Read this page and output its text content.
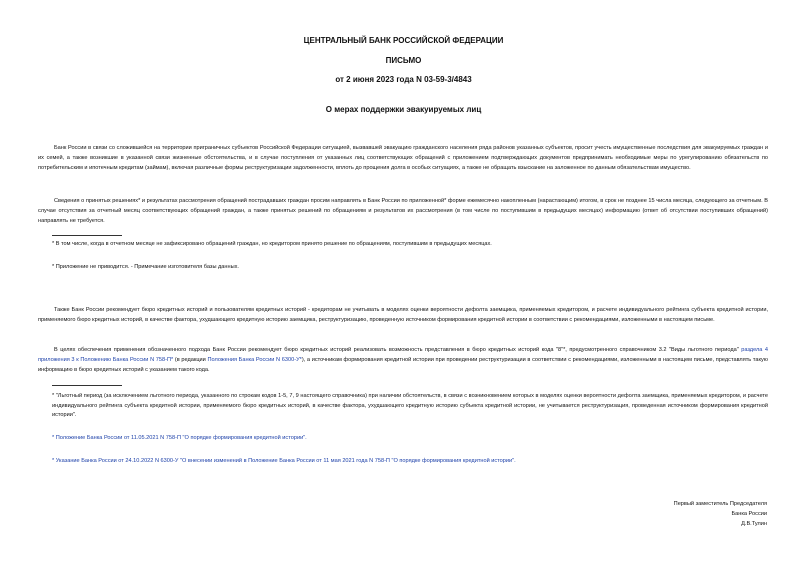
ЦЕНТРАЛЬНЫЙ БАНК РОССИЙСКОЙ ФЕДЕРАЦИИ
ПИСЬМО
от 2 июня 2023 года N 03-59-3/4843
О мерах поддержки эвакуируемых лиц

Банк России в связи со сложившейся на территории приграничных субъектов Российской Федерации ситуацией, вызвавшей эвакуацию гражданского населения ряда районов указанных субъектов, просит учесть имущественные последствия для эвакуируемых граждан и их семей, а также возникшие в указанной связи жизненные обстоятельства, и в случае поступления от указанных лиц соответствующих обращений с приложением подтверждающих документов предпринимать необходимые меры по урегулированию обязательств по потребительским и ипотечным кредитам (займам), включая различные формы реструктуризации задолженности, вплоть до прощения долга в особых ситуациях, а также не обращать взыскание на заложенное по данным обязательствам имущество.

Сведения о принятых решениях* и результатах рассмотрения обращений пострадавших граждан просим направлять в Банк России по приложенной* форме ежемесячно накопленным (нарастающим) итогом, в срок не позднее 15 числа месяца, следующего за отчетным. В случае отсутствия за отчетный месяц соответствующих обращений граждан, а также принятых решений по обращениям и результатов их рассмотрения (в том числе по поступившим в предыдущих месяцах) информацию (ответ об отсутствии поступивших обращений) направлять не требуется.

* В том числе, когда в отчетном месяце не зафиксировано обращений граждан, но кредитором принято решение по обращениям, поступившим в предыдущих месяцах.

* Приложение не приводится. - Примечание изготовителя базы данных.

Также Банк России рекомендует бюро кредитных историй и пользователям кредитных историй - кредиторам не учитывать в моделях оценки вероятности дефолта заемщика, применяемых кредитором, и расчете индивидуального рейтинга субъекта кредитной истории, применяемого бюро кредитных историй, в качестве фактора, ухудшающего кредитную историю заемщика, реструктуризацию, проведенную источником формирования кредитной истории в соответствии с рекомендациями, изложенными в настоящем письме.

В целях обеспечения применения обозначенного подхода Банк России рекомендует бюро кредитных историй реализовать возможность представления в бюро кредитных историй кода "8"*, предусмотренного справочником 3.2 "Виды льготного периода" раздела 4 приложения 3 к Положению Банка России N 758-П* (в редакции Положения Банка России N 6300-У*), а источникам формирования кредитной истории при проведении реструктуризации в соответствии с рекомендациями, изложенными в настоящем письме, представлять такую информацию в бюро кредитных историй с указанием такого кода.

* "Льготный период (за исключением льготного периода, указанного по строкам кодов 1-5, 7, 9 настоящего справочника) при наличии обстоятельств, в связи с возникновением которых в моделях оценки вероятности дефолта заемщика, применяемых кредитором, и расчете индивидуального рейтинга субъекта кредитной истории, применяемого бюро кредитных историй, в качестве фактора, ухудшающего кредитную историю субъекта кредитной истории, не учитывается реструктуризация, проведенная источником формирования кредитной истории".

* Положение Банка России от 11.05.2021 N 758-П "О порядке формирования кредитной истории".

* Указание Банка России от 24.10.2022 N 6300-У "О внесении изменений в Положение Банка России от 11 мая 2021 года N 758-П "О порядке формирования кредитной истории".

Первый заместитель Председателя
Банка России
Д.В.Тулин
